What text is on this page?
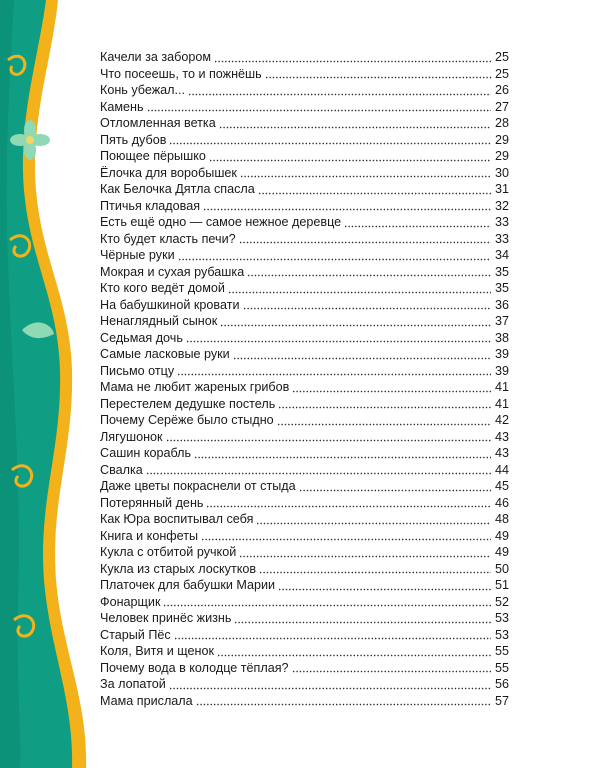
Качели за забором	25
Что посеешь, то и пожнёшь	25
Конь убежал...	26
Камень	27
Отломленная ветка	28
Пять дубов	29
Поющее пёрышко	29
Ёлочка для воробышек	30
Как Белочка Дятла спасла	31
Птичья кладовая	32
Есть ещё одно — самое нежное деревце	33
Кто будет класть печи?	33
Чёрные руки	34
Мокрая и сухая рубашка	35
Кто кого ведёт домой	35
На бабушкиной кровати	36
Ненаглядный сынок	37
Седьмая дочь	38
Самые ласковые руки	39
Письмо отцу	39
Мама не любит жареных грибов	41
Перестелем дедушке постель	41
Почему Серёже было стыдно	42
Лягушонок	43
Сашин корабль	43
Свалка	44
Даже цветы покраснели от стыда	45
Потерянный день	46
Как Юра воспитывал себя	48
Книга и конфеты	49
Кукла с отбитой ручкой	49
Кукла из старых лоскутков	50
Платочек для бабушки Марии	51
Фонарщик	52
Человек принёс жизнь	53
Старый Пёс	53
Коля, Витя и щенок	55
Почему вода в колодце тёплая?	55
За лопатой	56
Мама прислала	57
